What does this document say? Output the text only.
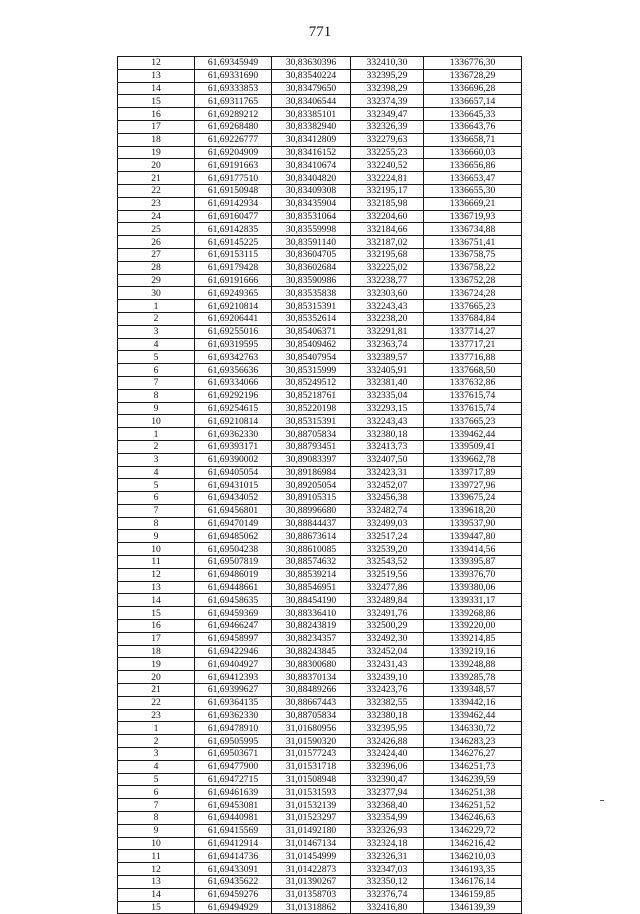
771
12	61,69345949	30,83630396	332410,30	1336776,30
13	61,69331690	30,83540224	332395,29	1336728,29
14	61,69333853	30,83479650	332398,29	1336696,28
15	61,69311765	30,83406544	332374,39	1336657,14
16	61,69289212	30,83385101	332349,47	1336645,33
17	61,69268480	30,83382940	332326,39	1336643,76
18	61,69226777	30,83412809	332279,63	1336658,71
19	61,69204909	30,83416152	332255,23	1336660,03
20	61,69191663	30,83410674	332240,52	1336656,86
21	61,69177510	30,83404820	332224,81	1336653,47
22	61,69150948	30,83409308	332195,17	1336655,30
23	61,69142934	30,83435904	332185,98	1336669,21
24	61,69160477	30,83531064	332204,60	1336719,93
25	61,69142835	30,83559998	332184,66	1336734,88
26	61,69145225	30,83591140	332187,02	1336751,41
27	61,69153115	30,83604705	332195,68	1336758,75
28	61,69179428	30,83602684	332225,02	1336758,22
29	61,69191666	30,83590986	332238,77	1336752,28
30	61,69249365	30,83535838	332303,60	1336724,28
1	61,69210814	30,85315391	332243,43	1337665,23
2	61,69206441	30,85352614	332238,20	1337684,84
3	61,69255016	30,85406371	332291,81	1337714,27
4	61,69319595	30,85409462	332363,74	1337717,21
5	61,69342763	30,85407954	332389,57	1337716,88
6	61,69356636	30,85315999	332405,91	1337668,50
7	61,69334066	30,85249512	332381,40	1337632,86
8	61,69292196	30,85218761	332335,04	1337615,74
9	61,69254615	30,85220198	332293,15	1337615,74
10	61,69210814	30,85315391	332243,43	1337665,23
1	61,69362330	30,88705834	332380,18	1339462,44
2	61,69393171	30,88793451	332413,73	1339509,41
3	61,69390002	30,89083397	332407,50	1339662,78
4	61,69405054	30,89186984	332423,31	1339717,89
5	61,69431015	30,89205054	332452,07	1339727,96
6	61,69434052	30,89105315	332456,38	1339675,24
7	61,69456801	30,88996680	332482,74	1339618,20
8	61,69470149	30,88844437	332499,03	1339537,90
9	61,69485062	30,88673614	332517,24	1339447,80
10	61,69504238	30,88610085	332539,20	1339414,56
11	61,69507819	30,88574632	332543,52	1339395,87
12	61,69486019	30,88539214	332519,56	1339376,70
13	61,69448661	30,88546951	332477,86	1339380,06
14	61,69458635	30,88454190	332489,84	1339331,17
15	61,69459369	30,88336410	332491,76	1339268,86
16	61,69466247	30,88243819	332500,29	1339220,00
17	61,69458997	30,88234357	332492,30	1339214,85
18	61,69422946	30,88243845	332452,04	1339219,16
19	61,69404927	30,88300680	332431,43	1339248,88
20	61,69412393	30,88370134	332439,10	1339285,78
21	61,69399627	30,88489266	332423,76	1339348,57
22	61,69364135	30,88667443	332382,55	1339442,16
23	61,69362330	30,88705834	332380,18	1339462,44
1	61,69478910	31,01680956	332395,95	1346330,72
2	61,69505995	31,01590320	332426,88	1346283,23
3	61,69503671	31,01577243	332424,40	1346276,27
4	61,69477900	31,01531718	332396,06	1346251,73
5	61,69472715	31,01508948	332390,47	1346239,59
6	61,69461639	31,01531593	332377,94	1346251,38
7	61,69453081	31,01532139	332368,40	1346251,52
8	61,69440981	31,01523297	332354,99	1346246,63
9	61,69415569	31,01492180	332326,93	1346229,72
10	61,69412914	31,01467134	332324,18	1346216,42
11	61,69414736	31,01454999	332326,31	1346210,03
12	61,69433091	31,01422873	332347,03	1346193,35
13	61,69435622	31,01390267	332350,12	1346176,14
14	61,69459276	31,01358703	332376,74	1346159,85
15	61,69494929	31,01318862	332416,80	1346139,39
